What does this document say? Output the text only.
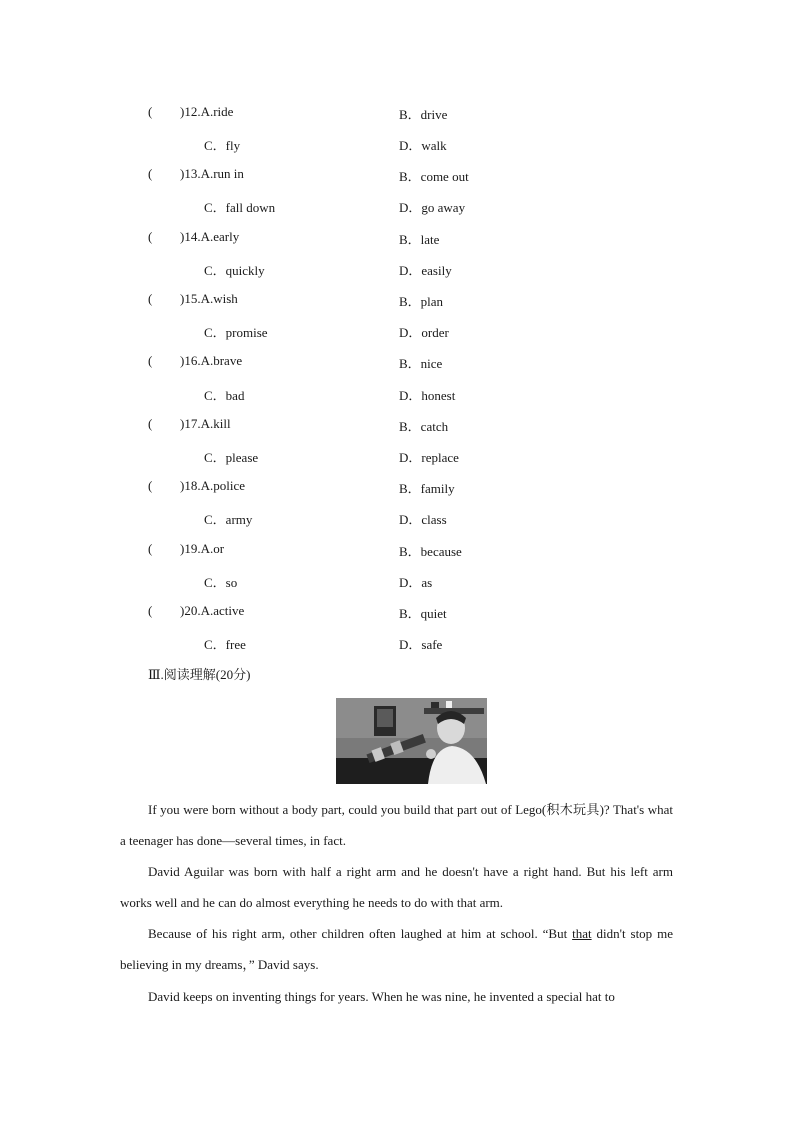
(

)12.A.ride

	B．drive

C．fly

	D．walk

(

)13.A.run in

	B．come out

C．fall down

	D．go away

(

)14.A.early

	B．late

C．quickly

	D．easily

(

)15.A.wish

	B．plan

C．promise

	D．order

(

)16.A.brave

	B．nice

C．bad

	D．honest

(

)17.A.kill

	B．catch

C．please

	D．replace

(

)18.A.police

	B．family

C．army

	D．class

(

)19.A.or

	B．because

C．so

	D．as

(

)20.A.active

	B．quiet

C．free

	D．safe

Ⅲ.阅读理解(20分)
If you were born without a body part, could you build that part out of Lego(积木玩具)? That's what a teenager has done—several times, in fact.
David Aguilar was born with half a right arm and he doesn't have a right hand. But his left arm works well and he can do almost everything he needs to do with that arm.
Because of his right arm, other children often laughed at him at school. “But that didn't stop me believing in my dreams，” David says.
David keeps on inventing things for years. When he was nine, he invented a special hat to
